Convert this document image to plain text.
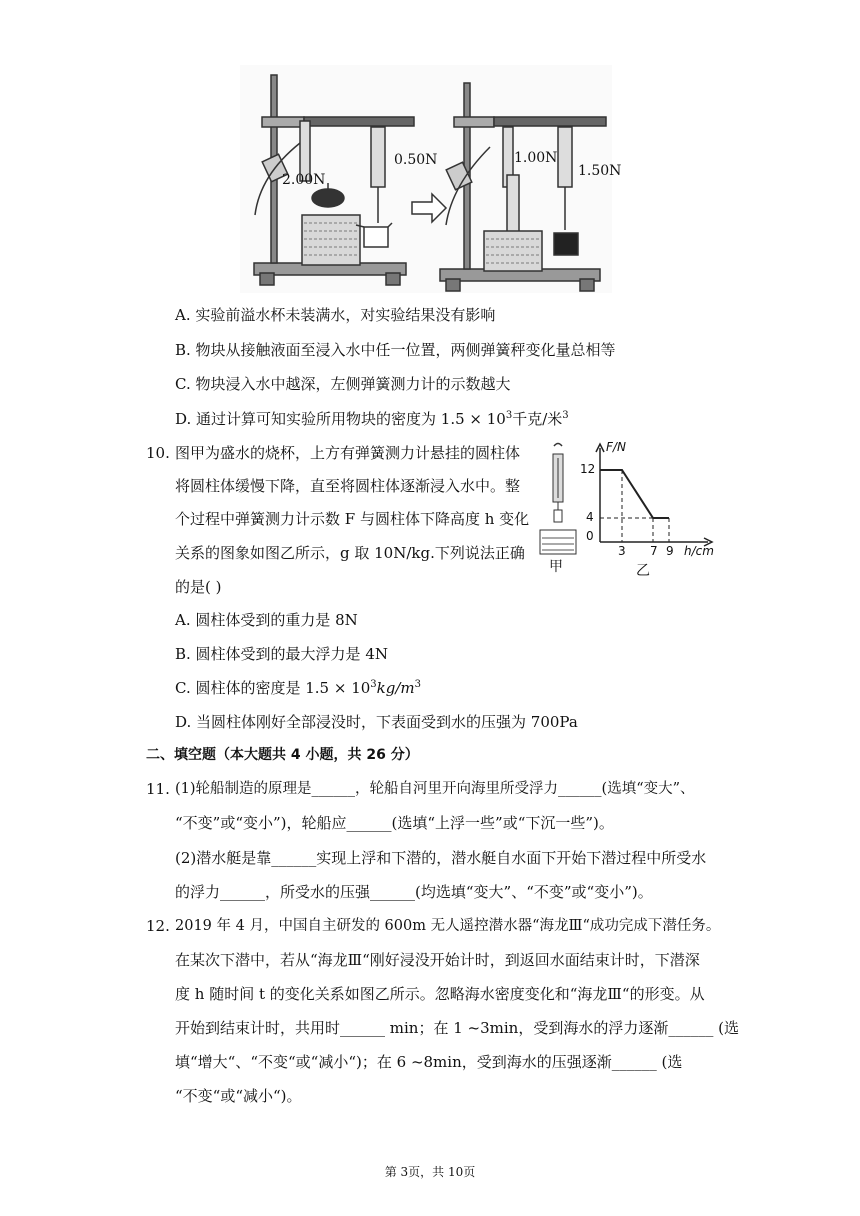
2.00N
0.50N	1.00N
1.50N
A. 实验前溢水杯未装满水，对实验结果没有影响
B. 物块从接触液面至浸入水中任一位置，两侧弹簧秤变化量总相等
C. 物块浸入水中越深，左侧弹簧测力计的示数越大
D. 通过计算可知实验所用物块的密度为 $1.5 \times 10^3$千克/米$^3$
10. 图甲为盛水的烧杯，上方有弹簧测力计悬挂的圆柱体
将圆柱体缓慢下降，直至将圆柱体逐渐浸入水中。整
个过程中弹簧测力计示数 F 与圆柱体下降高度 h 变化
关系的图象如图乙所示，g 取 10N/kg.下列说法正确
的是( )
甲
F/N
12
4
0
3 7 9 h/cm
乙
A. 圆柱体受到的重力是 8N
B. 圆柱体受到的最大浮力是 4N
C. 圆柱体的密度是 $1.5 \times 10^3kg/m^3$
D. 当圆柱体刚好全部浸没时，下表面受到水的压强为 700Pa
二、填空题（本大题共 4 小题，共 26 分）
11. (1)轮船制造的原理是______，轮船自河里开向海里所受浮力______(选填“变大”、
“不变”或“变小”)，轮船应______(选填“上浮一些”或“下沉一些”)。
(2)潜水艇是靠______实现上浮和下潜的，潜水艇自水面下开始下潜过程中所受水
的浮力______，所受水的压强______(均选填“变大”、“不变”或“变小”)。
12. 2019 年 4 月，中国自主研发的 600m 无人遥控潜水器“海龙Ⅲ“成功完成下潜任务。
在某次下潜中，若从“海龙Ⅲ“刚好浸没开始计时，到返回水面结束计时，下潜深
度 h 随时间 t 的变化关系如图乙所示。忽略海水密度变化和“海龙Ⅲ“的形变。从
开始到结束计时，共用时______ min；在 1 ~3min，受到海水的浮力逐渐______ (选
填“增大“、“不变“或“减小“)；在 6 ~8min，受到海水的压强逐渐______ (选
“不变“或“减小“)。
第 3页，共 10页
